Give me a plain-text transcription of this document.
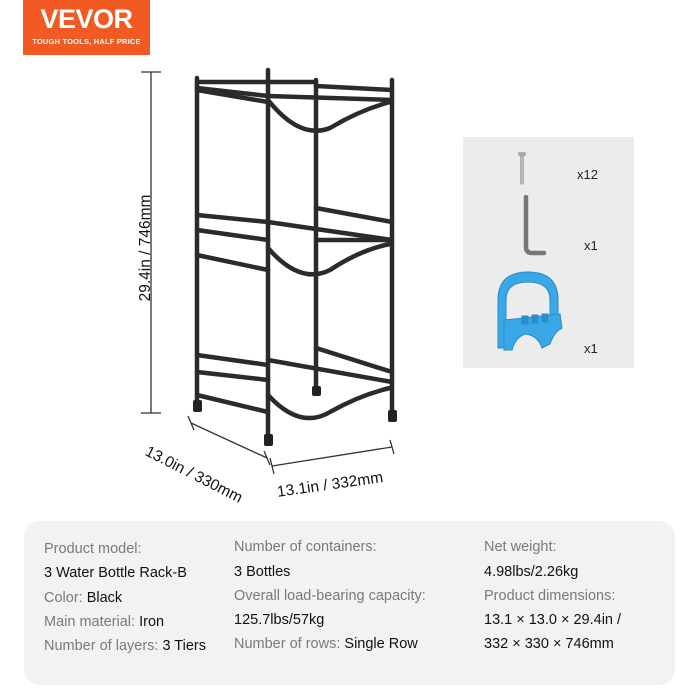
VEVOR
TOUGH TOOLS, HALF PRICE
29.4in / 746mm
13.0in / 330mm 13.1in / 332mm
x12
x1
x1
Product model:
3 Water Bottle Rack-B
Color: Black
Main material: Iron
Number of layers: 3 Tiers
Number of containers:
3 Bottles
Overall load-bearing capacity:
125.7lbs/57kg
Number of rows: Single Row
Net weight:
4.98lbs/2.26kg
Product dimensions:
13.1 × 13.0 × 29.4in /
332 × 330 × 746mm
